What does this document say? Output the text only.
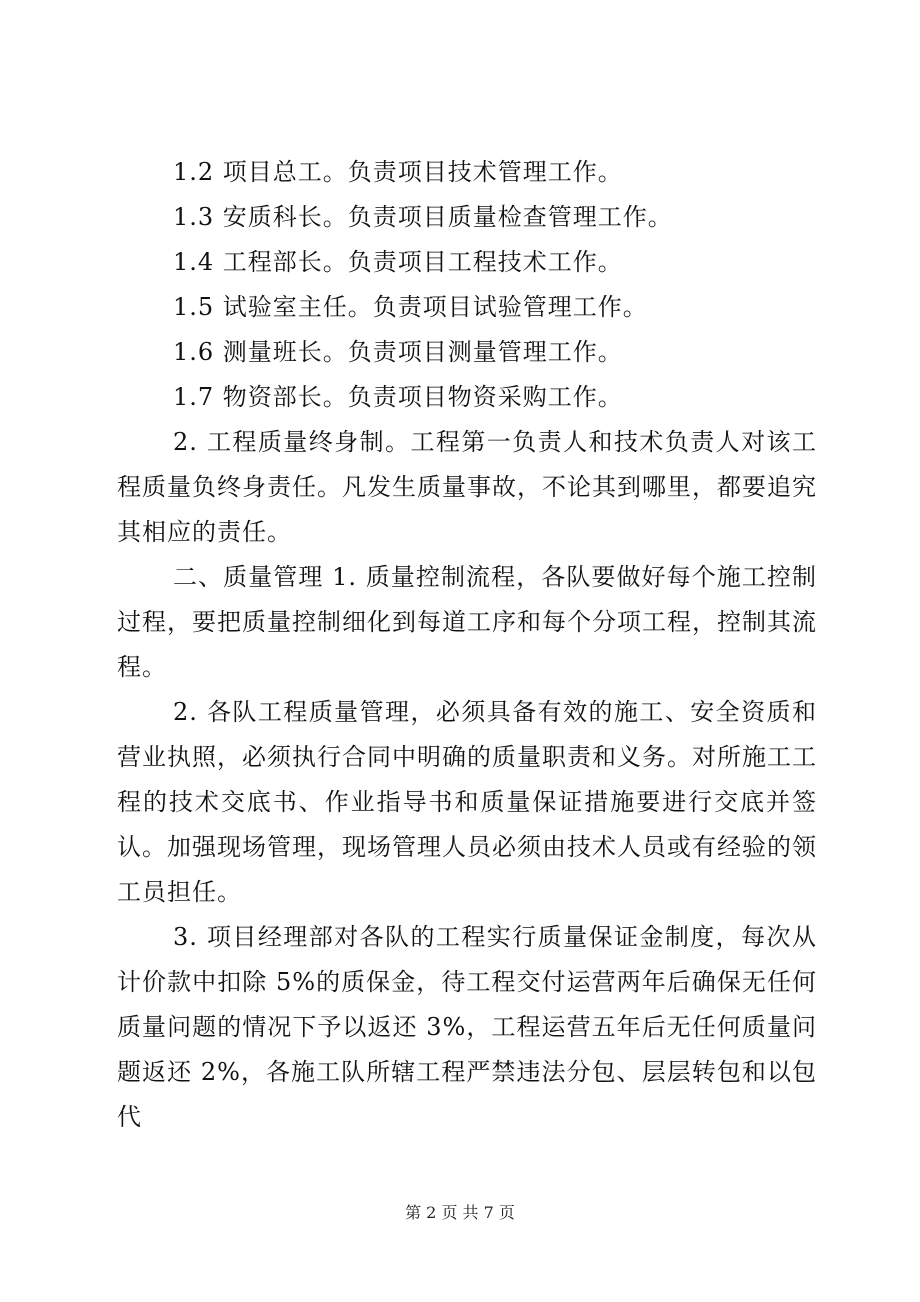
1.2 项目总工。负责项目技术管理工作。

1.3 安质科长。负责项目质量检查管理工作。

1.4 工程部长。负责项目工程技术工作。

1.5 试验室主任。负责项目试验管理工作。

1.6 测量班长。负责项目测量管理工作。

1.7 物资部长。负责项目物资采购工作。

2. 工程质量终身制。工程第一负责人和技术负责人对该工程质量负终身责任。凡发生质量事故，不论其到哪里，都要追究其相应的责任。

二、质量管理 1. 质量控制流程，各队要做好每个施工控制过程，要把质量控制细化到每道工序和每个分项工程，控制其流程。

2. 各队工程质量管理，必须具备有效的施工、安全资质和营业执照，必须执行合同中明确的质量职责和义务。对所施工工程的技术交底书、作业指导书和质量保证措施要进行交底并签认。加强现场管理，现场管理人员必须由技术人员或有经验的领工员担任。

3. 项目经理部对各队的工程实行质量保证金制度，每次从计价款中扣除 5%的质保金，待工程交付运营两年后确保无任何质量问题的情况下予以返还 3%，工程运营五年后无任何质量问题返还 2%，各施工队所辖工程严禁违法分包、层层转包和以包代

第 2 页 共 7 页
